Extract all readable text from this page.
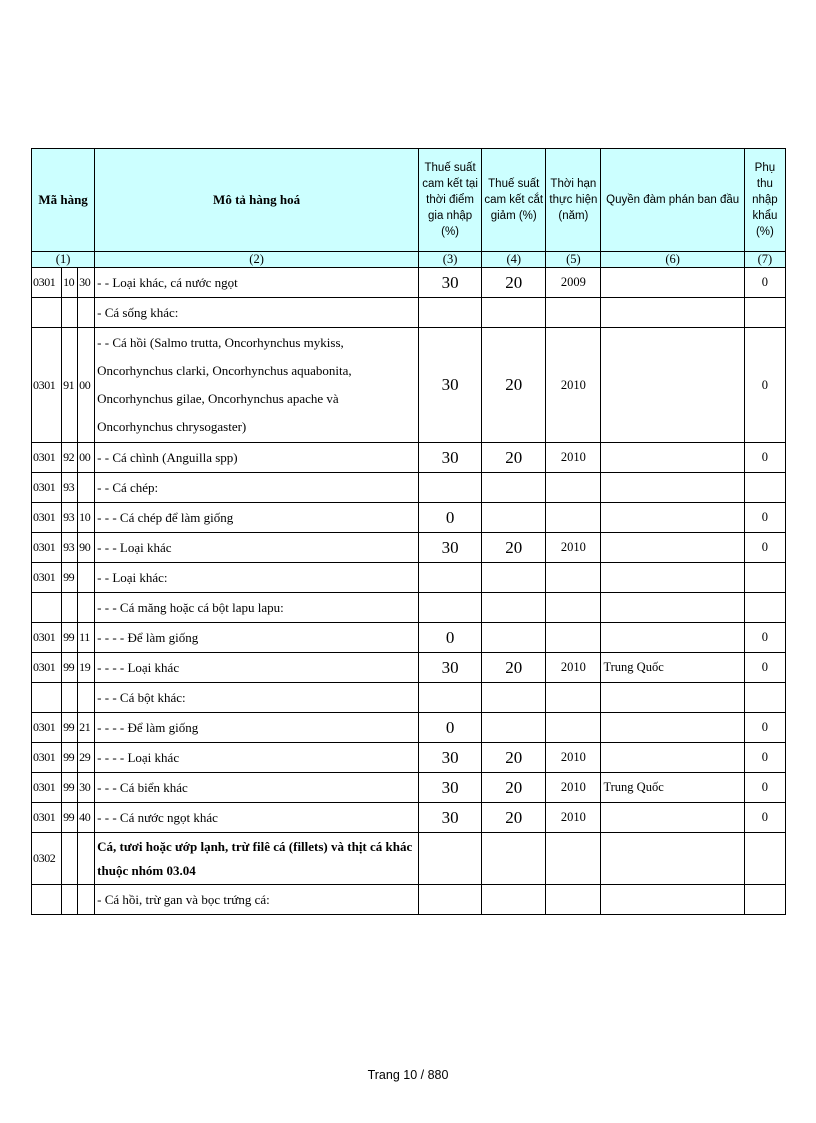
Mã hàng			Mô tả hàng hoá	Thuế suất cam kết tại thời điểm gia nhập (%)	Thuế suất cam kết cắt giảm (%)	Thời hạn thực hiện (năm)	Quyền đàm phán ban đầu	Phụ thu nhập khẩu (%)
(1)			(2)	(3)	(4)	(5)	(6)	(7)
0301	10	30	- - Loại khác, cá nước ngọt	30	20	2009		0
			- Cá sống khác:					
0301	91	00	- - Cá hồi (Salmo trutta, Oncorhynchus mykiss, Oncorhynchus clarki, Oncorhynchus aquabonita, Oncorhynchus gilae, Oncorhynchus apache và Oncorhynchus chrysogaster)	30	20	2010		0
0301	92	00	- - Cá chình (Anguilla spp)	30	20	2010		0
0301	93		- - Cá chép:					
0301	93	10	- - - Cá chép để làm giống	0				0
0301	93	90	- - - Loại khác	30	20	2010		0
0301	99		- - Loại khác:					
			- - - Cá măng hoặc cá bột lapu lapu:					
0301	99	11	- - - - Để làm giống	0				0
0301	99	19	- - - - Loại khác	30	20	2010	Trung Quốc	0
			- - - Cá bột khác:					
0301	99	21	- - - - Để làm giống	0				0
0301	99	29	- - - - Loại khác	30	20	2010		0
0301	99	30	- - - Cá biển khác	30	20	2010	Trung Quốc	0
0301	99	40	- - - Cá nước ngọt khác	30	20	2010		0
0302			Cá, tươi hoặc ướp lạnh, trừ filê cá (fillets) và thịt cá khác thuộc nhóm 03.04					
			- Cá hồi, trừ gan và bọc trứng cá:					
Trang 10 / 880
